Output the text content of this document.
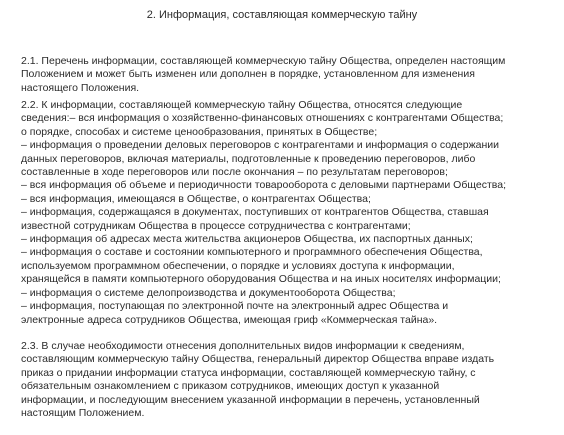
2. Информация, составляющая коммерческую тайну
2.1. Перечень информации, составляющей коммерческую тайну Общества, определен настоящим
Положением и может быть изменен или дополнен в порядке, установленном для изменения
настоящего Положения.
2.2. К информации, составляющей коммерческую тайну Общества, относятся следующие
сведения:– вся информация о хозяйственно-финансовых отношениях с контрагентами Общества;
о порядке, способах и системе ценообразования, принятых в Обществе;
– информация о проведении деловых переговоров с контрагентами и информация о содержании
данных переговоров, включая материалы, подготовленные к проведению переговоров, либо
составленные в ходе переговоров или после окончания – по результатам переговоров;
– вся информация об объеме и периодичности товарооборота с деловыми партнерами Общества;
– вся информация, имеющаяся в Обществе, о контрагентах Общества;
– информация, содержащаяся в документах, поступивших от контрагентов Общества, ставшая
известной сотрудникам Общества в процессе сотрудничества с контрагентами;
– информация об адресах места жительства акционеров Общества, их паспортных данных;
– информация о составе и состоянии компьютерного и программного обеспечения Общества,
используемом программном обеспечении, о порядке и условиях доступа к информации,
хранящейся в памяти компьютерного оборудования Общества и на иных носителях информации;
– информация о системе делопроизводства и документооборота Общества;
– информация, поступающая по электронной почте на электронный адрес Общества и
электронные адреса сотрудников Общества, имеющая гриф «Коммерческая тайна».
2.3. В случае необходимости отнесения дополнительных видов информации к сведениям,
составляющим коммерческую тайну Общества, генеральный директор Общества вправе издать
приказ о придании информации статуса информации, составляющей коммерческую тайну, с
обязательным ознакомлением с приказом сотрудников, имеющих доступ к указанной
информации, и последующим внесением указанной информации в перечень, установленный
настоящим Положением.
